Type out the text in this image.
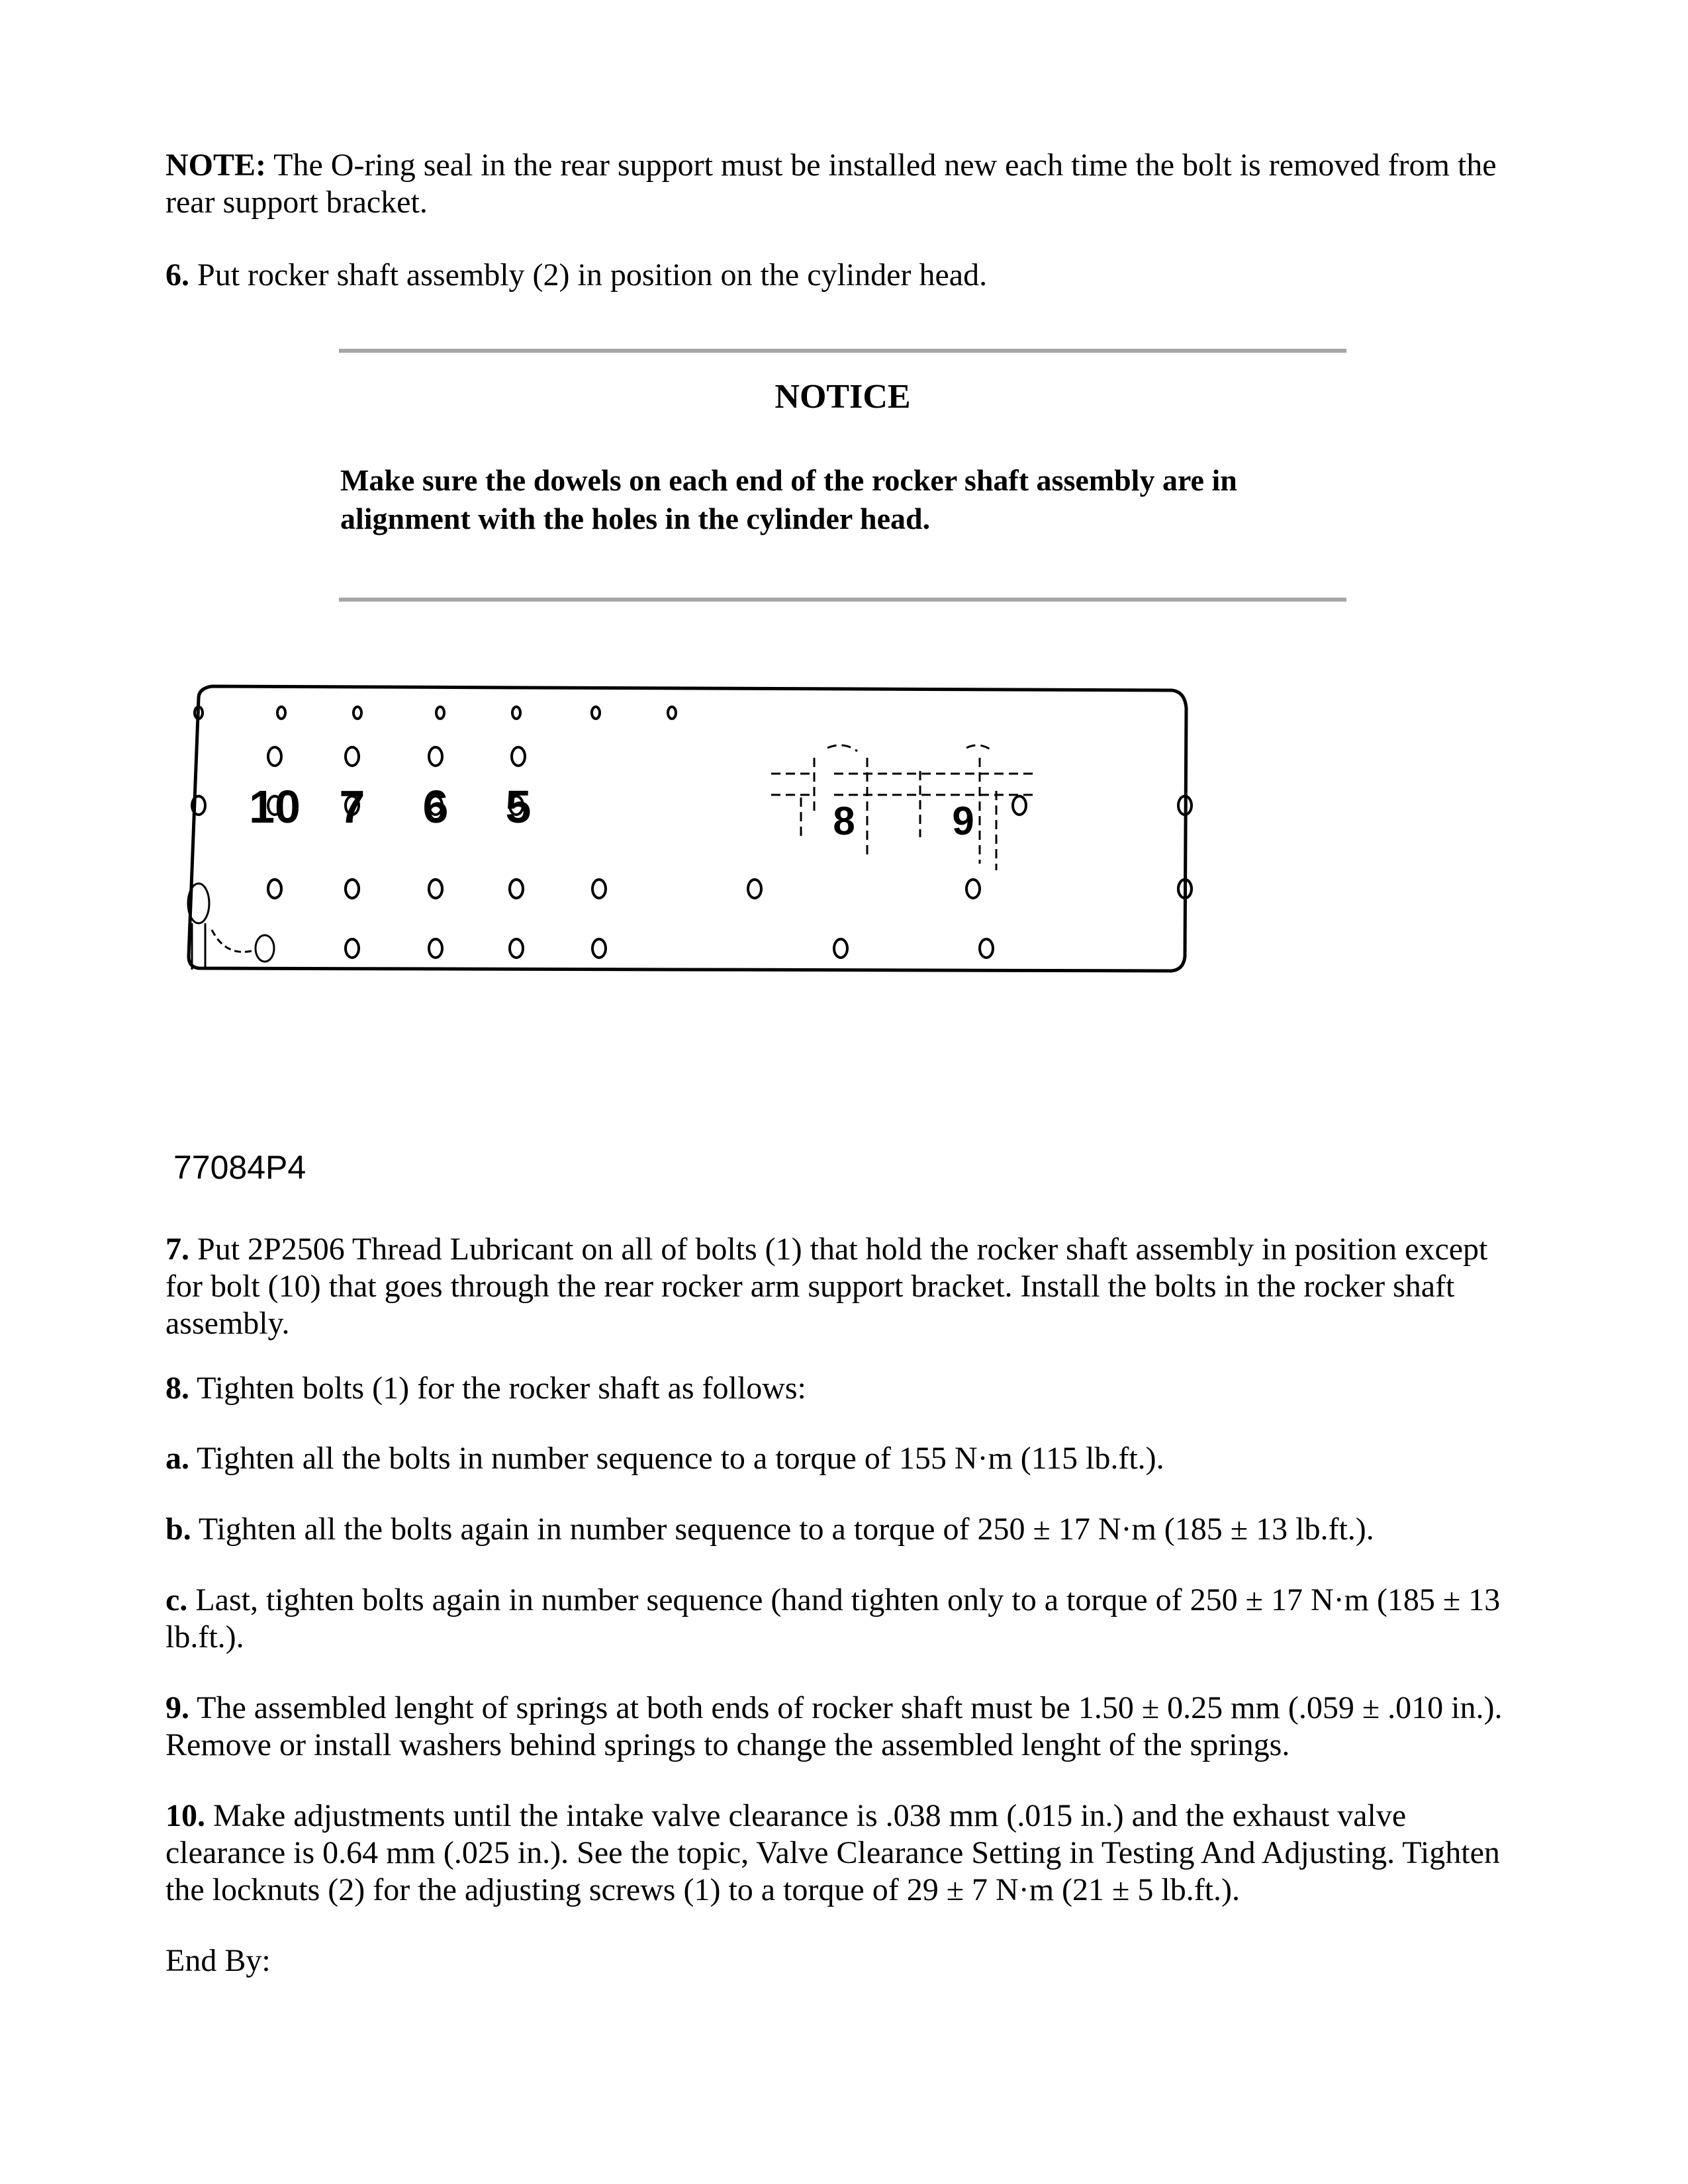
NOTE: The O-ring seal in the rear support must be installed new each time the bolt is removed from the rear support bracket.
6. Put rocker shaft assembly (2) in position on the cylinder head.
NOTICE
Make sure the dowels on each end of the rocker shaft assembly are in alignment with the holes in the cylinder head.
10 7 6 5	8 9
77084P4
7. Put 2P2506 Thread Lubricant on all of bolts (1) that hold the rocker shaft assembly in position except for bolt (10) that goes through the rear rocker arm support bracket. Install the bolts in the rocker shaft assembly.
8. Tighten bolts (1) for the rocker shaft as follows:
a. Tighten all the bolts in number sequence to a torque of 155 N·m (115 lb.ft.).
b. Tighten all the bolts again in number sequence to a torque of 250 ± 17 N·m (185 ± 13 lb.ft.).
c. Last, tighten bolts again in number sequence (hand tighten only to a torque of 250 ± 17 N·m (185 ± 13 lb.ft.).
9. The assembled lenght of springs at both ends of rocker shaft must be 1.50 ± 0.25 mm (.059 ± .010 in.). Remove or install washers behind springs to change the assembled lenght of the springs.
10. Make adjustments until the intake valve clearance is .038 mm (.015 in.) and the exhaust valve clearance is 0.64 mm (.025 in.). See the topic, Valve Clearance Setting in Testing And Adjusting. Tighten the locknuts (2) for the adjusting screws (1) to a torque of 29 ± 7 N·m (21 ± 5 lb.ft.).
End By:
